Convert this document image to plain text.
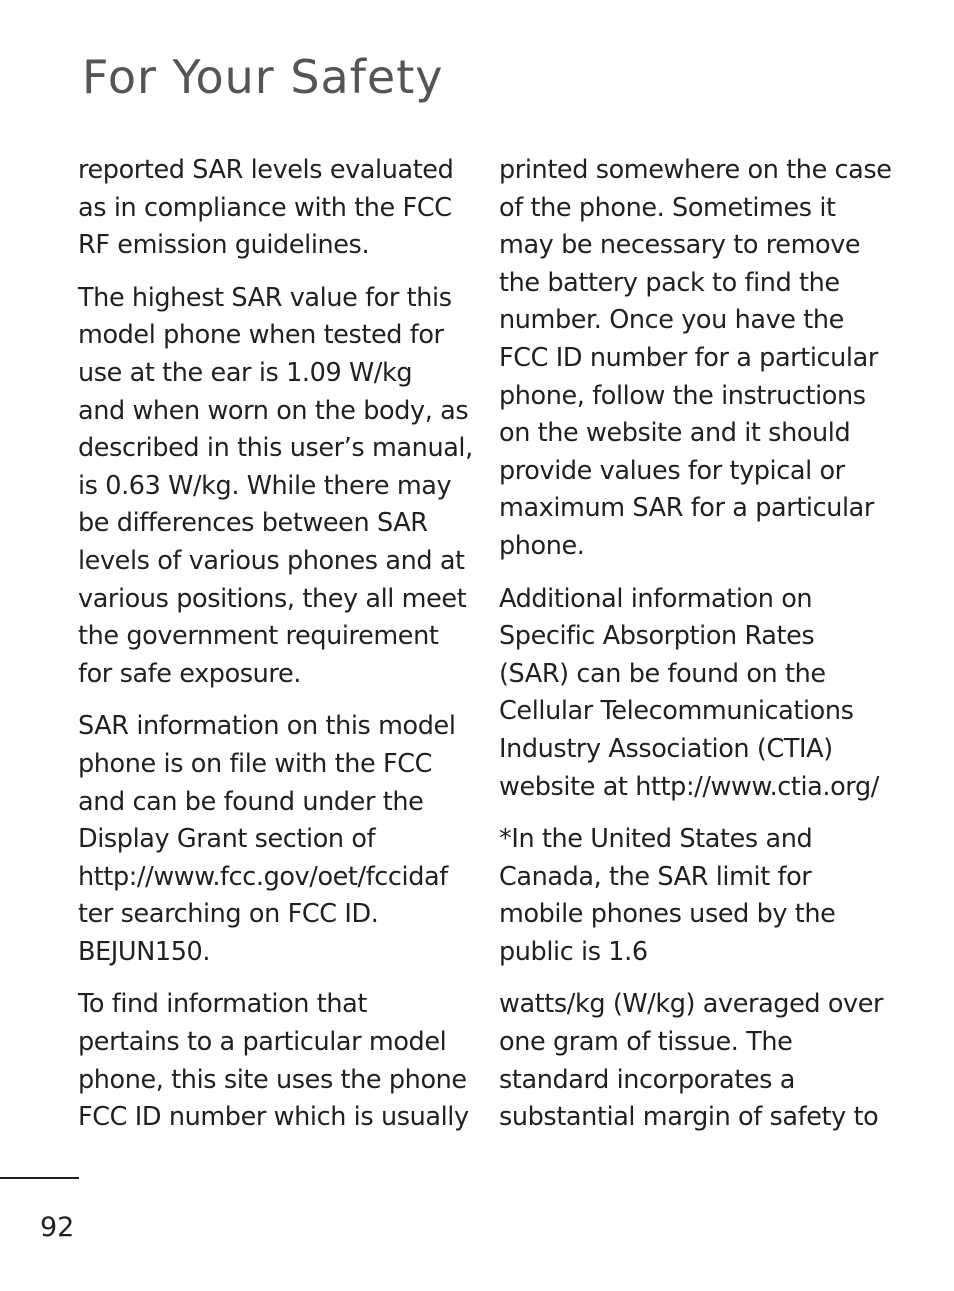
For Your Safety

reported SAR levels evaluated
as in compliance with the FCC
RF emission guidelines.

The highest SAR value for this
model phone when tested for
use at the ear is 1.09 W/kg
and when worn on the body, as
described in this user’s manual,
is 0.63 W/kg. While there may
be differences between SAR
levels of various phones and at
various positions, they all meet
the government requirement
for safe exposure.

SAR information on this model
phone is on file with the FCC
and can be found under the
Display Grant section of
http://www.fcc.gov/oet/fccidaf
ter searching on FCC ID.
BEJUN150.

To find information that
pertains to a particular model
phone, this site uses the phone
FCC ID number which is usually

printed somewhere on the case
of the phone. Sometimes it
may be necessary to remove
the battery pack to find the
number. Once you have the
FCC ID number for a particular
phone, follow the instructions
on the website and it should
provide values for typical or
maximum SAR for a particular
phone.

Additional information on
Specific Absorption Rates
(SAR) can be found on the
Cellular Telecommunications
Industry Association (CTIA)
website at http://www.ctia.org/

*In the United States and
Canada, the SAR limit for
mobile phones used by the
public is 1.6

watts/kg (W/kg) averaged over
one gram of tissue. The
standard incorporates a
substantial margin of safety to

92
